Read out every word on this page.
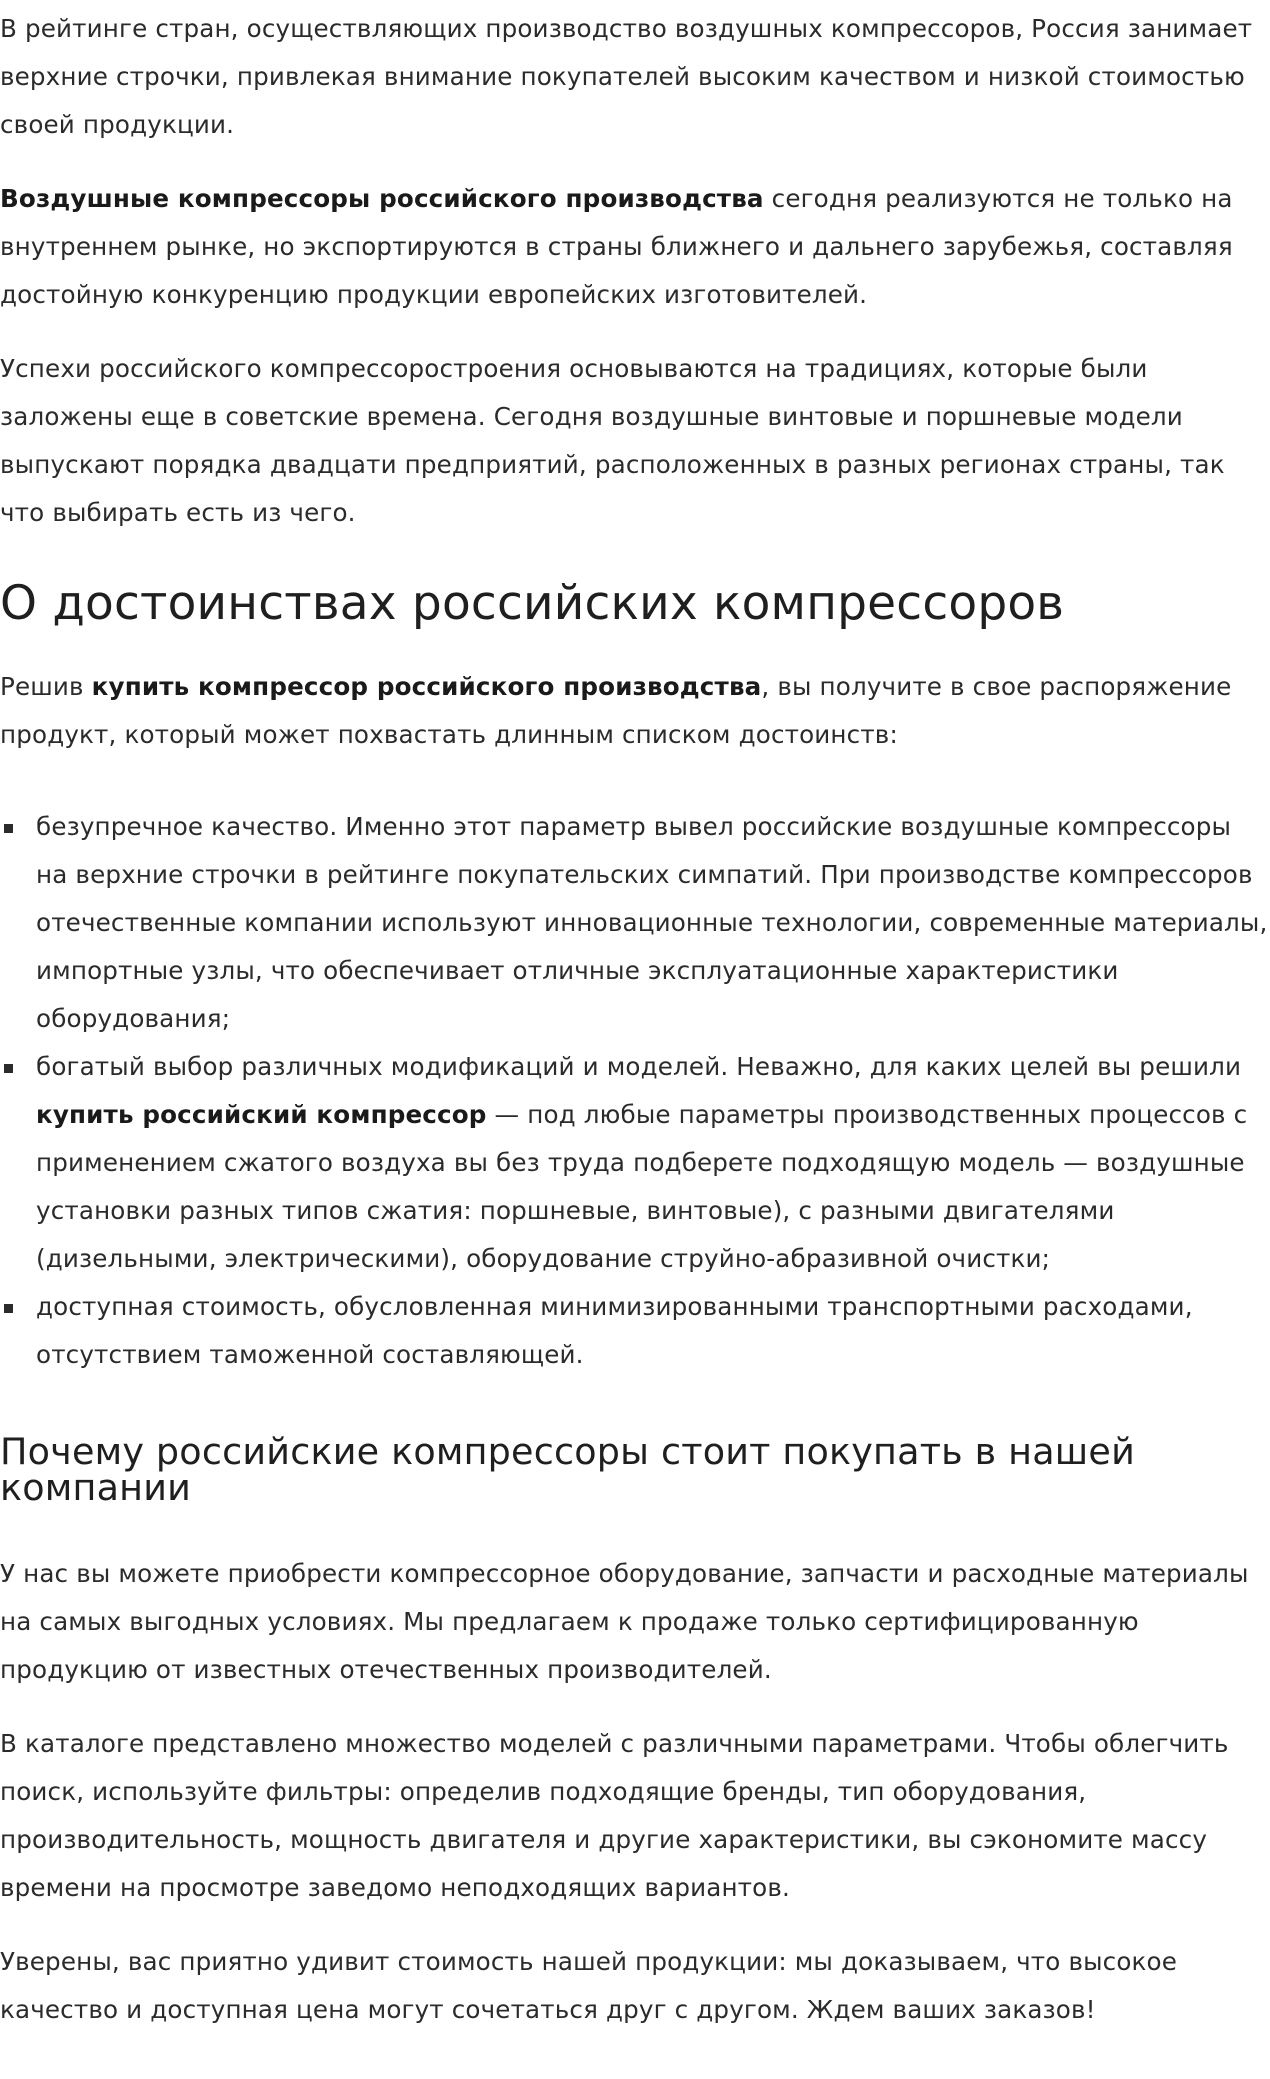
В рейтинге стран, осуществляющих производство воздушных компрессоров, Россия занимает верхние строчки, привлекая внимание покупателей высоким качеством и низкой стоимостью своей продукции.

Воздушные компрессоры российского производства сегодня реализуются не только на внутреннем рынке, но экспортируются в страны ближнего и дальнего зарубежья, составляя достойную конкуренцию продукции европейских изготовителей.

Успехи российского компрессоростроения основываются на традициях, которые были заложены еще в советские времена. Сегодня воздушные винтовые и поршневые модели выпускают порядка двадцати предприятий, расположенных в разных регионах страны, так что выбирать есть из чего.

О достоинствах российских компрессоров

Решив купить компрессор российского производства, вы получите в свое распоряжение продукт, который может похвастать длинным списком достоинств:

безупречное качество. Именно этот параметр вывел российские воздушные компрессоры на верхние строчки в рейтинге покупательских симпатий. При производстве компрессоров отечественные компании используют инновационные технологии, современные материалы, импортные узлы, что обеспечивает отличные эксплуатационные характеристики оборудования;
богатый выбор различных модификаций и моделей. Неважно, для каких целей вы решили купить российский компрессор — под любые параметры производственных процессов с применением сжатого воздуха вы без труда подберете подходящую модель — воздушные установки разных типов сжатия: поршневые, винтовые), с разными двигателями (дизельными, электрическими), оборудование струйно-абразивной очистки;
доступная стоимость, обусловленная минимизированными транспортными расходами, отсутствием таможенной составляющей.
Почему российские компрессоры стоит покупать в нашей компании

У нас вы можете приобрести компрессорное оборудование, запчасти и расходные материалы на самых выгодных условиях. Мы предлагаем к продаже только сертифицированную продукцию от известных отечественных производителей.

В каталоге представлено множество моделей с различными параметрами. Чтобы облегчить поиск, используйте фильтры: определив подходящие бренды, тип оборудования, производительность, мощность двигателя и другие характеристики, вы сэкономите массу времени на просмотре заведомо неподходящих вариантов.

Уверены, вас приятно удивит стоимость нашей продукции: мы доказываем, что высокое качество и доступная цена могут сочетаться друг с другом. Ждем ваших заказов!
